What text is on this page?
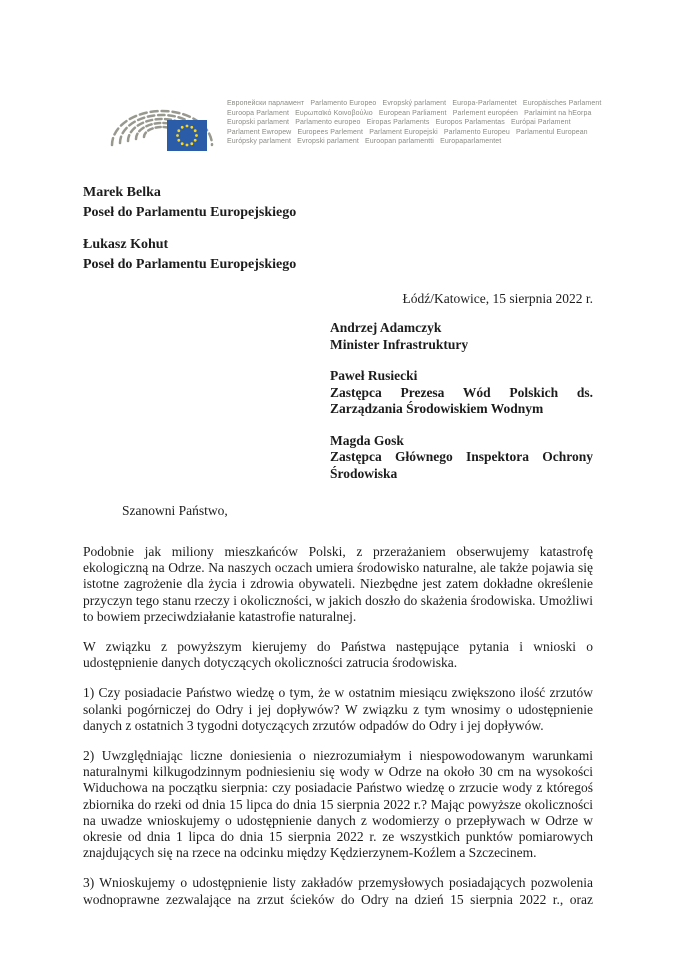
Европейски парламент   Parlamento Europeo   Evropský parlament   Europa-Parlamentet   Europäisches Parlament
Euroopa Parlament   Ευρωπαϊκό Κοινοβούλιο   European Parliament   Parlement européen   Parlaimint na hEorpa
Europski parlament   Parlamento europeo   Eiropas Parlaments   Europos Parlamentas   Európai Parlament
Parlament Ewropew   Europees Parlement   Parlament Europejski   Parlamento Europeu   Parlamentul European
Európsky parlament   Evropski parlament   Euroopan parlamentti   Europaparlamentet
Marek Belka
Poseł do Parlamentu Europejskiego
Łukasz Kohut
Poseł do Parlamentu Europejskiego
Łódź/Katowice, 15 sierpnia 2022 r.
Andrzej Adamczyk
Minister Infrastruktury
Paweł Rusiecki
Zastępca Prezesa Wód Polskich ds. Zarządzania Środowiskiem Wodnym
Magda Gosk
Zastępca Głównego Inspektora Ochrony Środowiska
Szanowni Państwo,

Podobnie jak miliony mieszkańców Polski, z przerażaniem obserwujemy katastrofę ekologiczną na Odrze. Na naszych oczach umiera środowisko naturalne, ale także pojawia się istotne zagrożenie dla życia i zdrowia obywateli. Niezbędne jest zatem dokładne określenie przyczyn tego stanu rzeczy i okoliczności, w jakich doszło do skażenia środowiska. Umożliwi to bowiem przeciwdziałanie katastrofie naturalnej.

W związku z powyższym kierujemy do Państwa następujące pytania i wnioski o udostępnienie danych dotyczących okoliczności zatrucia środowiska.

1) Czy posiadacie Państwo wiedzę o tym, że w ostatnim miesiącu zwiększono ilość zrzutów solanki pogórniczej do Odry i jej dopływów? W związku z tym wnosimy o udostępnienie danych z ostatnich 3 tygodni dotyczących zrzutów odpadów do Odry i jej dopływów.

2) Uwzględniając liczne doniesienia o niezrozumiałym i niespowodowanym warunkami naturalnymi kilkugodzinnym podniesieniu się wody w Odrze na około 30 cm na wysokości Widuchowa na początku sierpnia: czy posiadacie Państwo wiedzę o zrzucie wody z któregoś zbiornika do rzeki od dnia 15 lipca do dnia 15 sierpnia 2022 r.? Mając powyższe okoliczności na uwadze wnioskujemy o udostępnienie danych z wodomierzy o przepływach w Odrze w okresie od dnia 1 lipca do dnia 15 sierpnia 2022 r. ze wszystkich punktów pomiarowych znajdujących się na rzece na odcinku między Kędzierzynem-Koźlem a Szczecinem.

3) Wnioskujemy o udostępnienie listy zakładów przemysłowych posiadających pozwolenia wodnoprawne zezwalające na zrzut ścieków do Odry na dzień 15 sierpnia 2022 r., oraz
